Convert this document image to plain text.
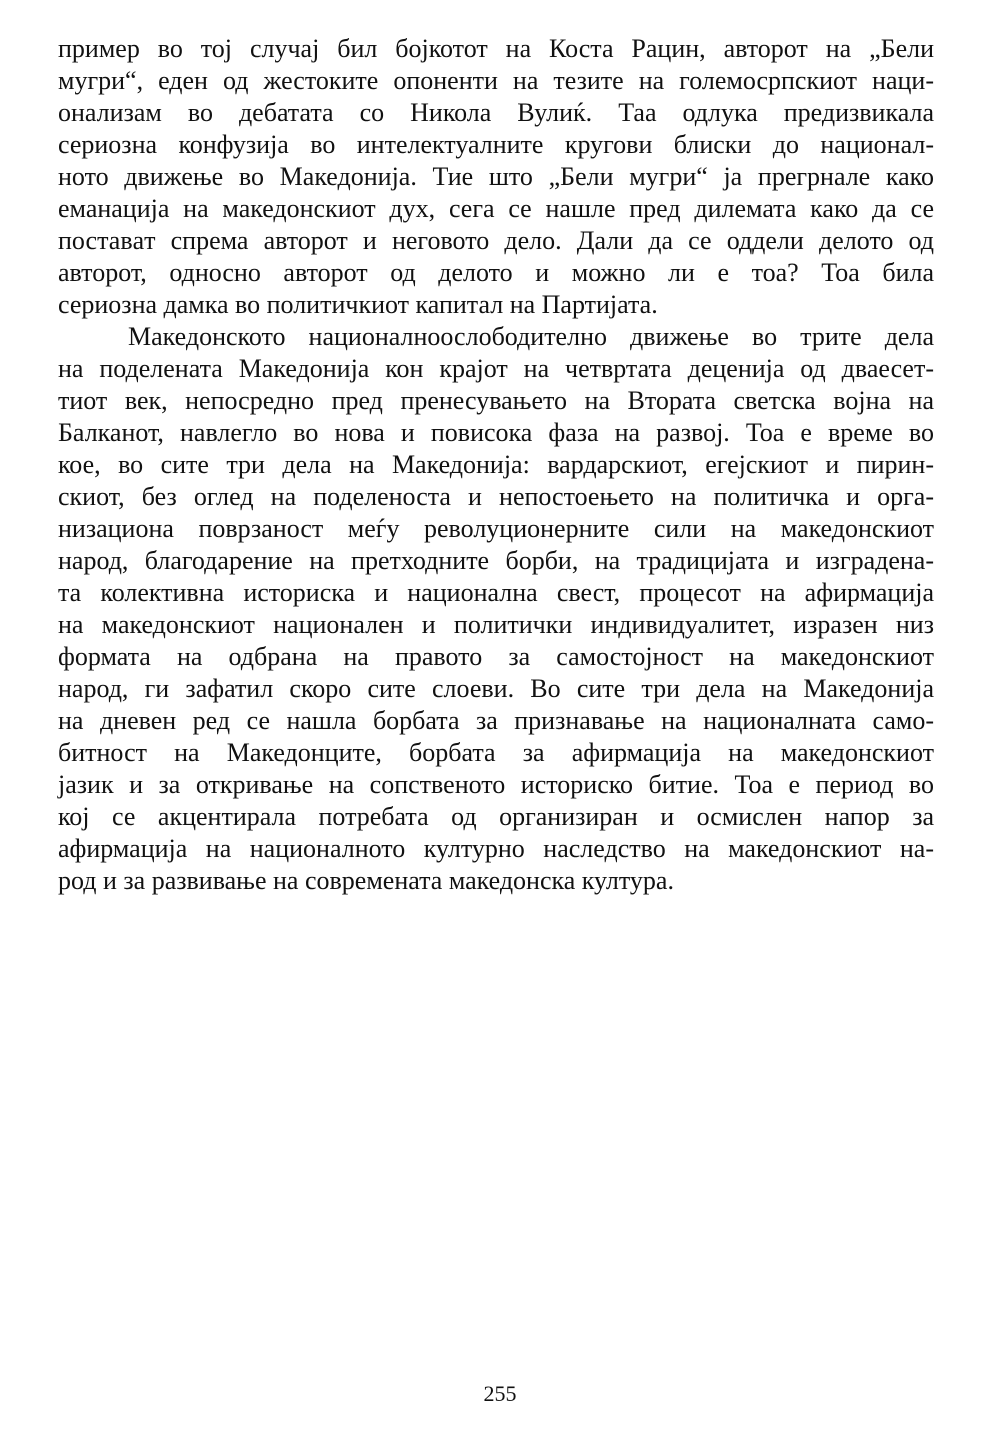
пример во тој случај бил бојкотот на Коста Рацин, авторот на „Бели
мугри“, еден од жестоките опоненти на тезите на големосрпскиот наци-
онализам во дебатата со Никола Вулиќ. Таа одлука предизвикала
сериозна конфузија во интелектуалните кругови блиски до национал-
ното движење во Македонија. Тие што „Бели мугри“ ја прегрнале како
еманација на македонскиот дух, сега се нашле пред дилемата како да се
поставaт спрема авторот и неговото дело. Дали да се оддели делото од
авторот, односно авторот од делото и можно ли е тоа? Тоа била
сериозна дамка во политичкиот капитал на Партијата.
Македонското националноослободително движење во трите дела
на поделената Македонија кон крајот на четвртата деценија од дваесет-
тиот век, непосредно пред пренесувањето на Втората светска војна на
Балканот, навлегло во нова и повисока фаза на развој. Тоа е време во
кое, во сите три дела на Македонија: вардарскиот, егејскиот и пирин-
скиот, без оглед на поделеноста и непостоењето на политичка и орга-
низациона поврзаност меѓу револуционерните сили на македонскиот
народ, благодарение на претходните борби, на традицијата и изградена-
та колективна историска и национална свест, процесот на афирмација
на македонскиот национален и политички индивидуалитет, изразен низ
формата на одбрана на правото за самостојност на македонскиот
народ, ги зафатил скоро сите слоеви. Во сите три дела на Македонија
на дневен ред се нашла борбата за признавање на националната само-
битност на Македонците, борбата за афирмација на македонскиот
јазик и за откривање на сопственото историско битие. Тоа е период во
кој се акцентирала потребата од организиран и осмислен напор за
афирмација на националното културно наследство на македонскиот на-
род и за развивање на современата македонска култура.
255
